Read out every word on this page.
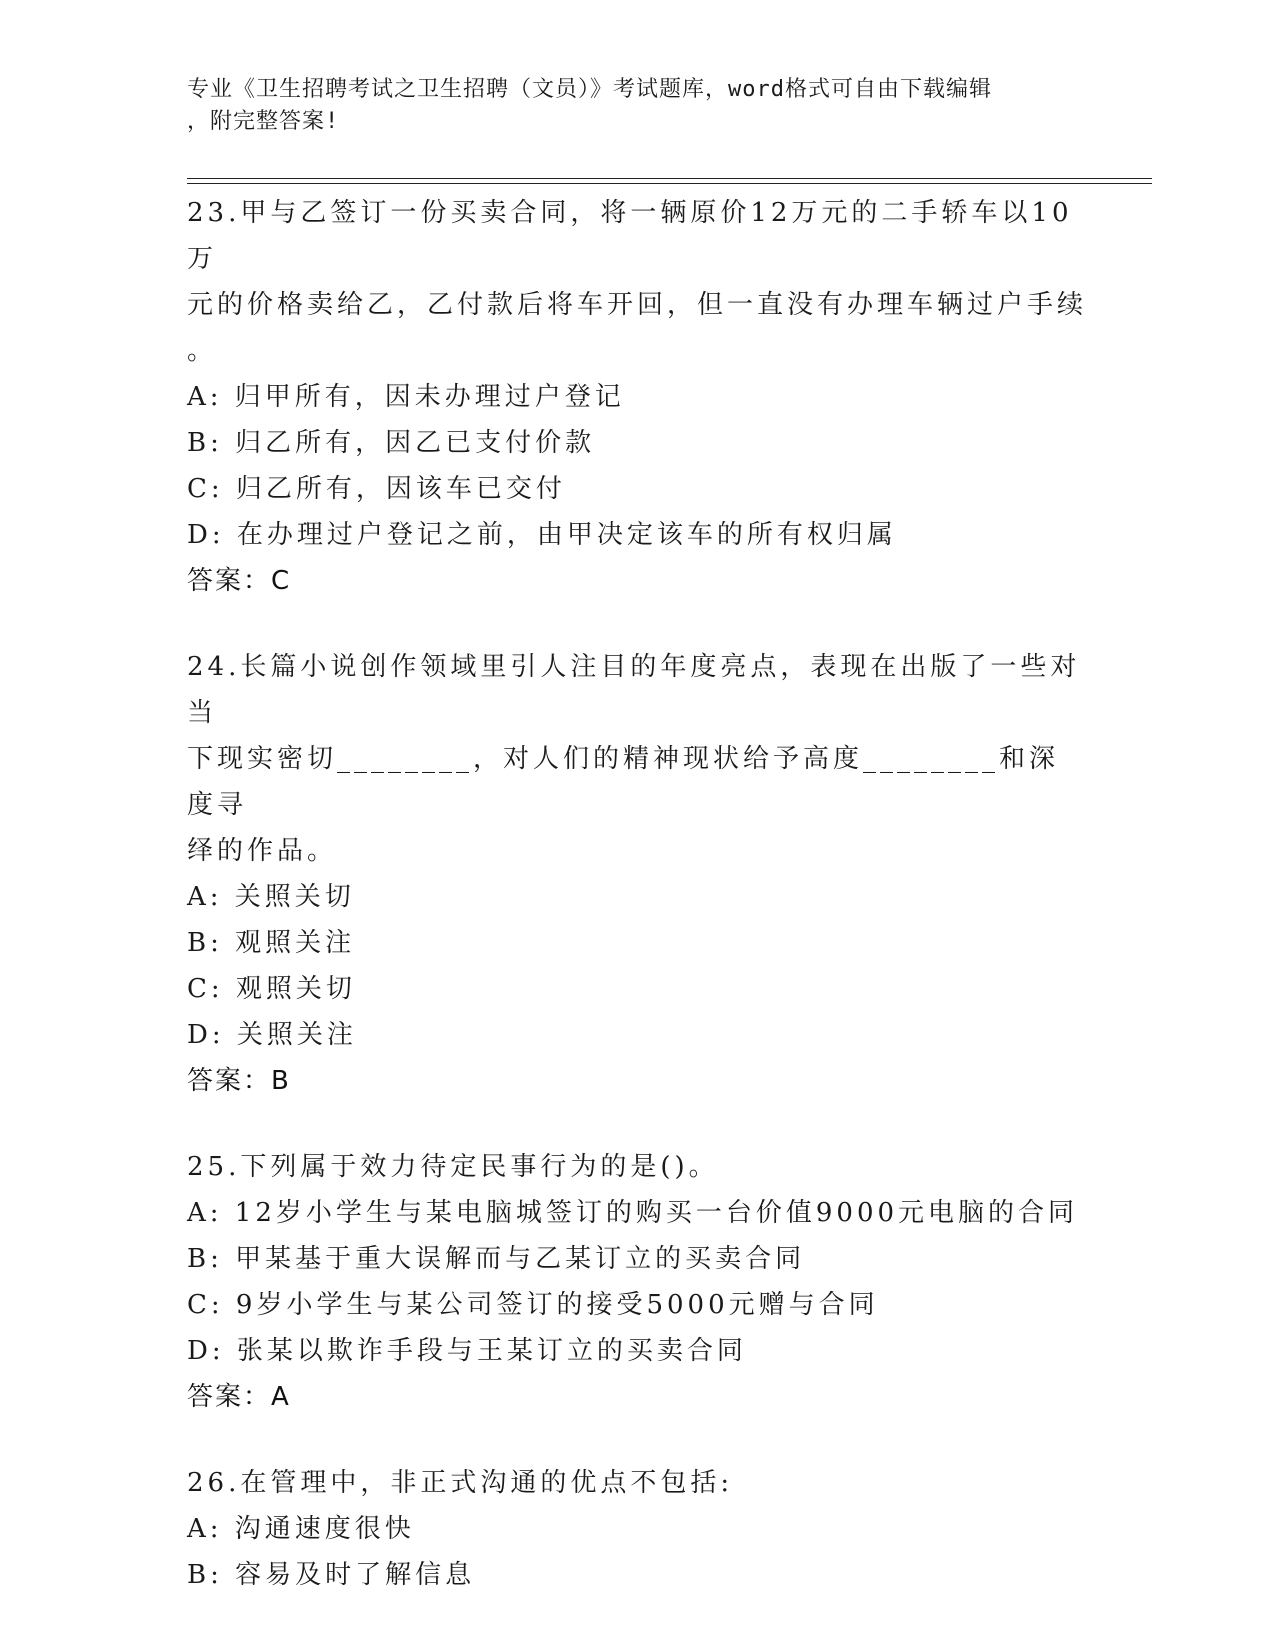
专业《卫生招聘考试之卫生招聘（文员）》考试题库，word格式可自由下载编辑
，附完整答案!

23.甲与乙签订一份买卖合同，将一辆原价12万元的二手轿车以10万

元的价格卖给乙，乙付款后将车开回，但一直没有办理车辆过户手续

。

A: 归甲所有，因未办理过户登记

B: 归乙所有，因乙已支付价款

C: 归乙所有，因该车已交付

D: 在办理过户登记之前，由甲决定该车的所有权归属

答案：C

24.长篇小说创作领域里引人注目的年度亮点，表现在出版了一些对当

下现实密切________，对人们的精神现状给予高度________和深度寻

绎的作品。

A: 关照关切

B: 观照关注

C: 观照关切

D: 关照关注

答案：B

25.下列属于效力待定民事行为的是()。

A: 12岁小学生与某电脑城签订的购买一台价值9000元电脑的合同

B: 甲某基于重大误解而与乙某订立的买卖合同

C: 9岁小学生与某公司签订的接受5000元赠与合同

D: 张某以欺诈手段与王某订立的买卖合同

答案：A

26.在管理中，非正式沟通的优点不包括:

A: 沟通速度很快

B: 容易及时了解信息
